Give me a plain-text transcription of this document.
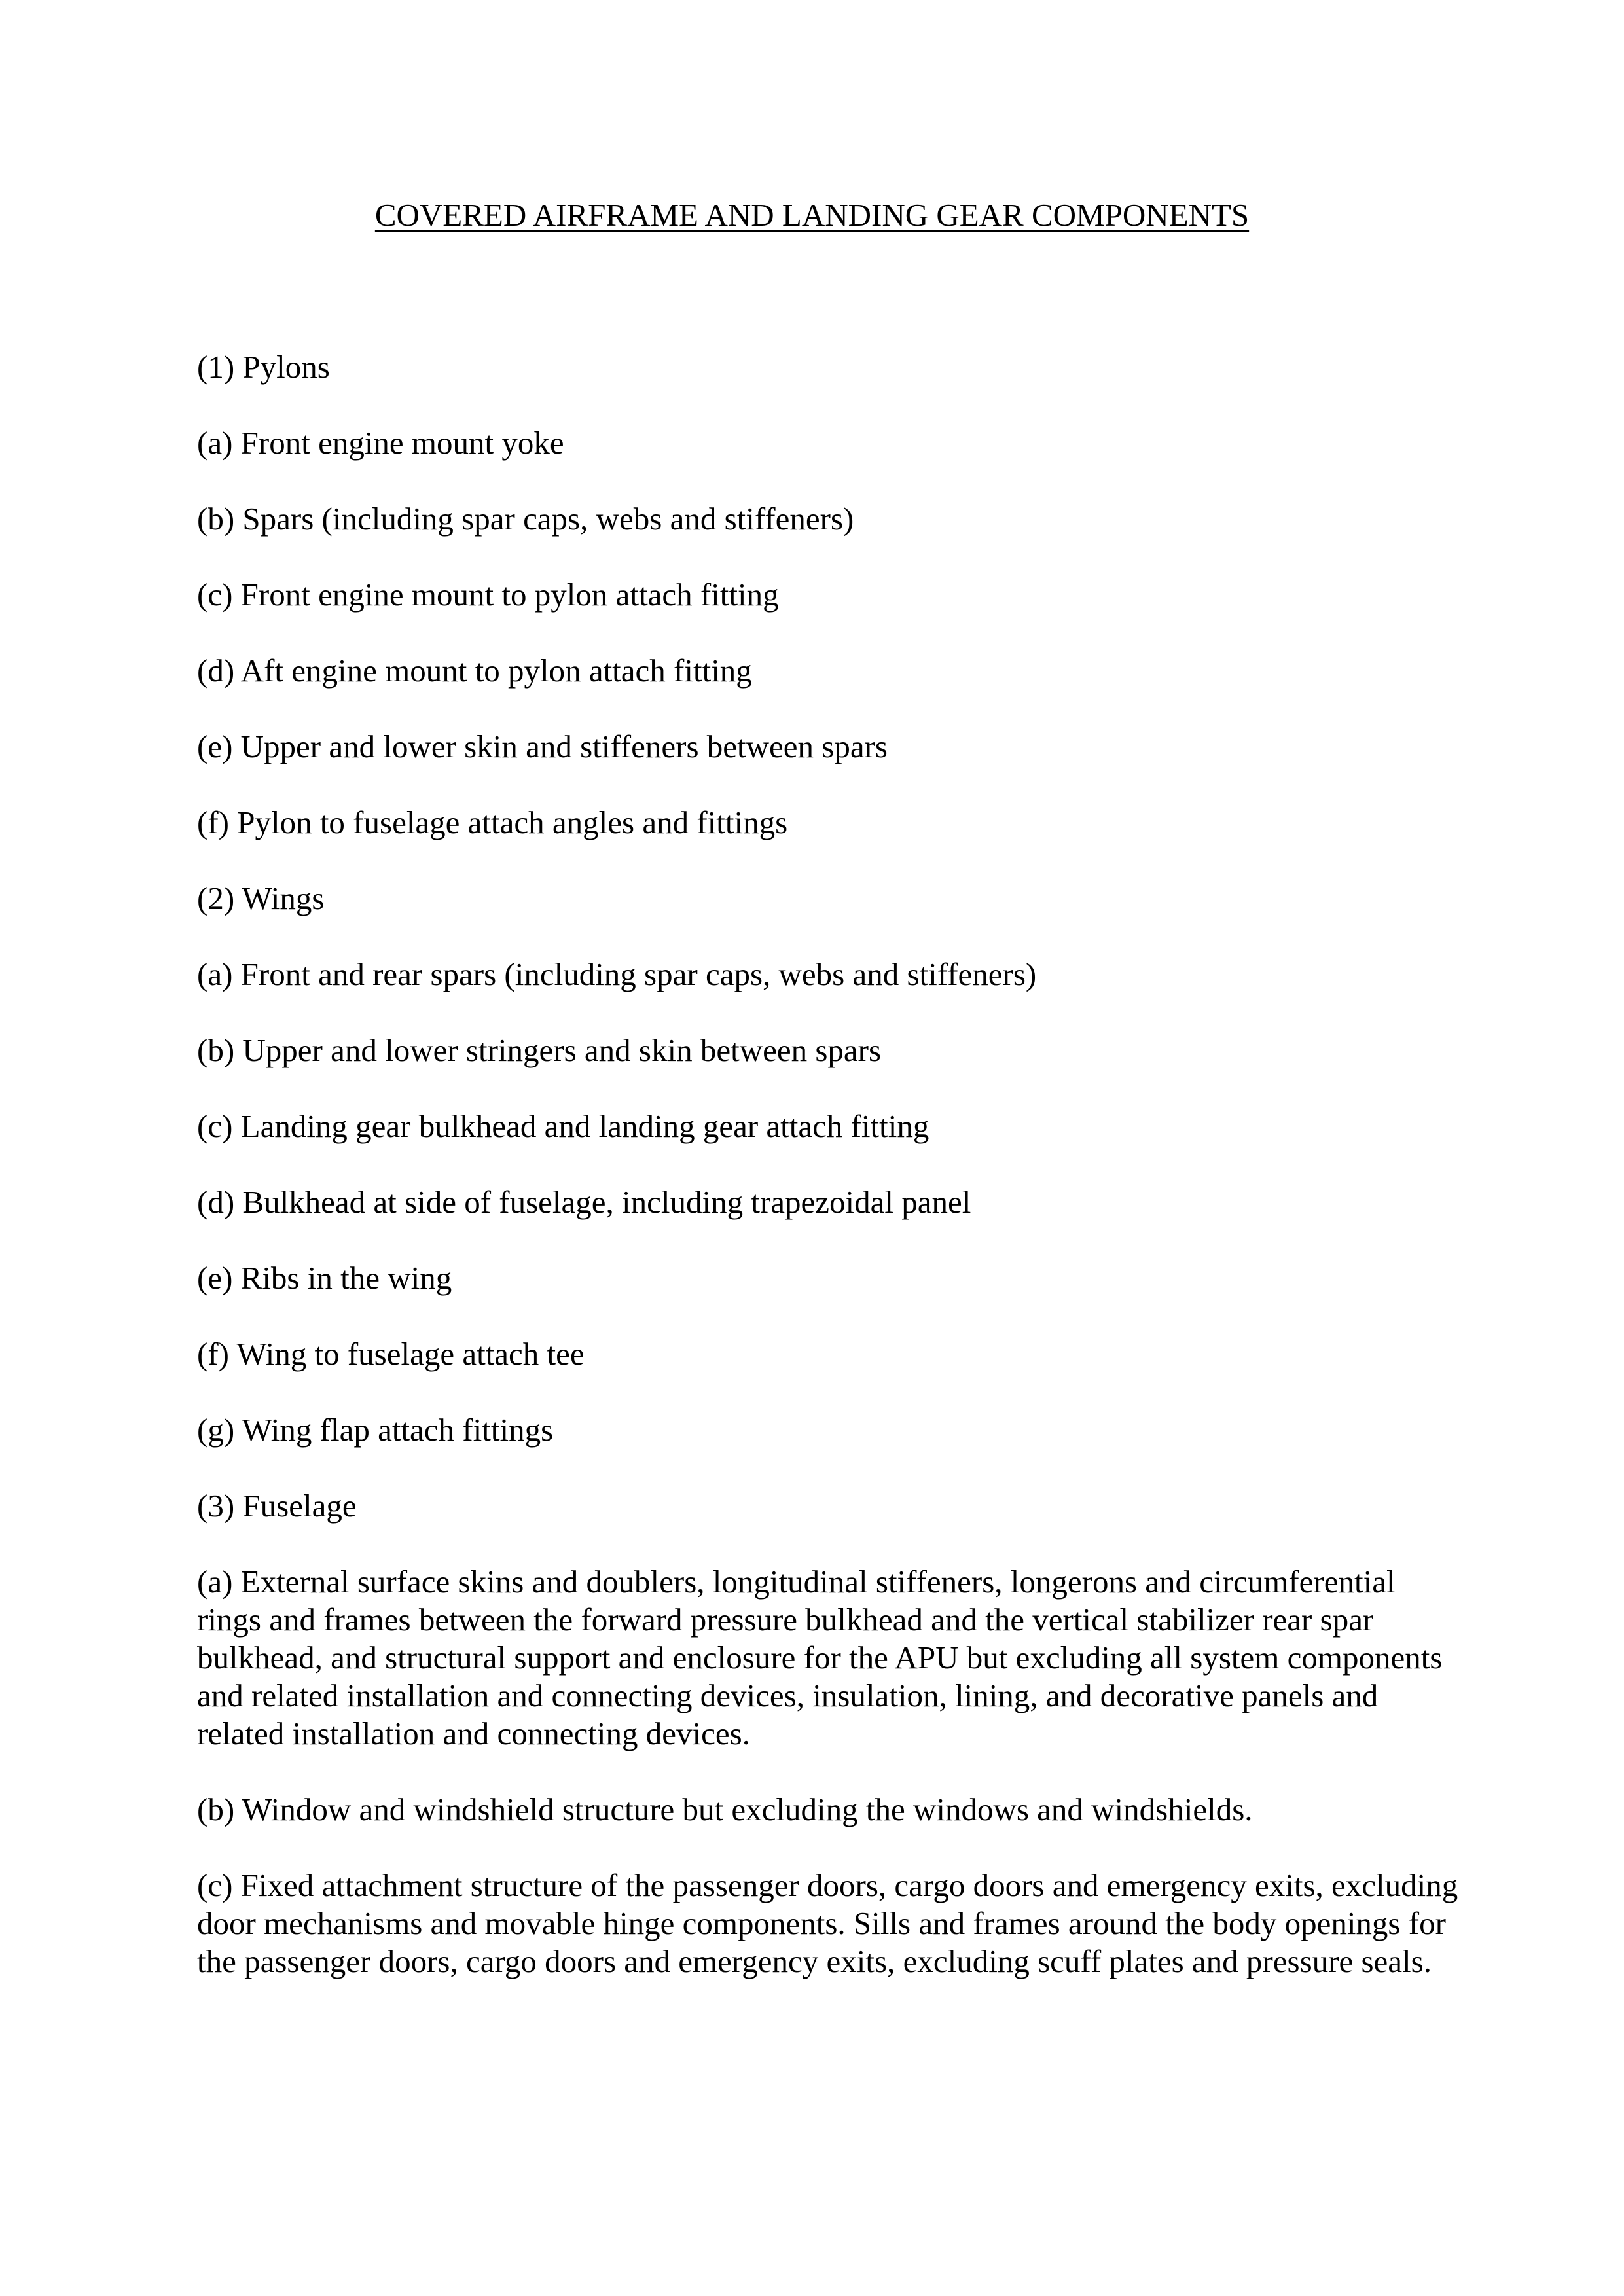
COVERED AIRFRAME AND LANDING GEAR COMPONENTS

(1) Pylons

(a) Front engine mount yoke

(b) Spars (including spar caps, webs and stiffeners)

(c) Front engine mount to pylon attach fitting

(d) Aft engine mount to pylon attach fitting

(e) Upper and lower skin and stiffeners between spars

(f) Pylon to fuselage attach angles and fittings

(2) Wings

(a) Front and rear spars (including spar caps, webs and stiffeners)

(b) Upper and lower stringers and skin between spars

(c) Landing gear bulkhead and landing gear attach fitting

(d) Bulkhead at side of fuselage, including trapezoidal panel

(e) Ribs in the wing

(f) Wing to fuselage attach tee

(g) Wing flap attach fittings

(3) Fuselage

(a) External surface skins and doublers, longitudinal stiffeners, longerons and circumferential rings and frames between the forward pressure bulkhead and the vertical stabilizer rear spar bulkhead, and structural support and enclosure for the APU but excluding all system components and related installation and connecting devices, insulation, lining, and decorative panels and related installation and connecting devices.

(b) Window and windshield structure but excluding the windows and windshields.

(c) Fixed attachment structure of the passenger doors, cargo doors and emergency exits, excluding door mechanisms and movable hinge components. Sills and frames around the body openings for the passenger doors, cargo doors and emergency exits, excluding scuff plates and pressure seals.
